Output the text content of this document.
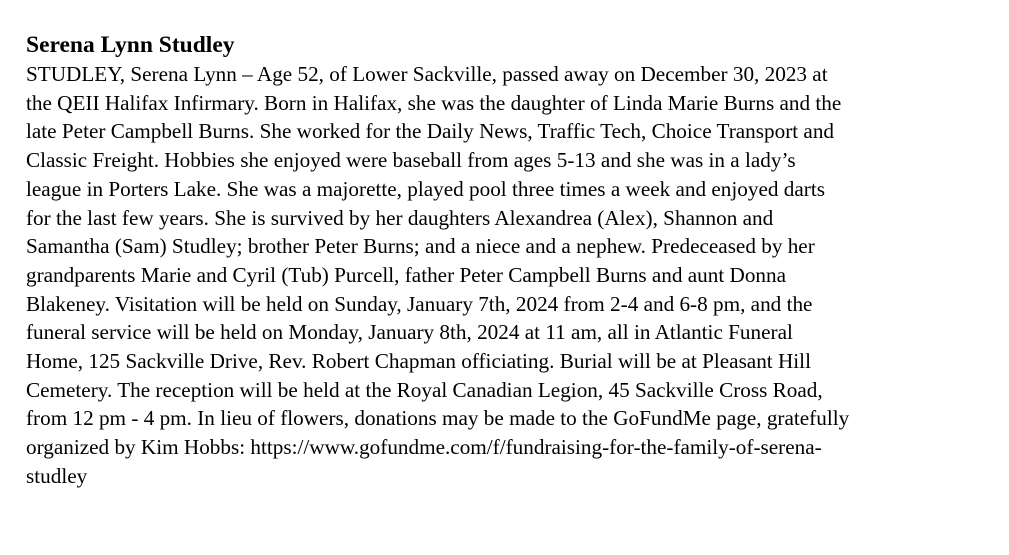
Serena Lynn Studley
STUDLEY, Serena Lynn – Age 52, of Lower Sackville, passed away on December 30, 2023 at
the QEII Halifax Infirmary. Born in Halifax, she was the daughter of Linda Marie Burns and the
late Peter Campbell Burns. She worked for the Daily News, Traffic Tech, Choice Transport and
Classic Freight. Hobbies she enjoyed were baseball from ages 5-13 and she was in a lady’s
league in Porters Lake. She was a majorette, played pool three times a week and enjoyed darts
for the last few years. She is survived by her daughters Alexandrea (Alex), Shannon and
Samantha (Sam) Studley; brother Peter Burns; and a niece and a nephew. Predeceased by her
grandparents Marie and Cyril (Tub) Purcell, father Peter Campbell Burns and aunt Donna
Blakeney. Visitation will be held on Sunday, January 7th, 2024 from 2-4 and 6-8 pm, and the
funeral service will be held on Monday, January 8th, 2024 at 11 am, all in Atlantic Funeral
Home, 125 Sackville Drive, Rev. Robert Chapman officiating. Burial will be at Pleasant Hill
Cemetery. The reception will be held at the Royal Canadian Legion, 45 Sackville Cross Road,
from 12 pm - 4 pm. In lieu of flowers, donations may be made to the GoFundMe page, gratefully
organized by Kim Hobbs: https://www.gofundme.com/f/fundraising-for-the-family-of-serena-
studley
